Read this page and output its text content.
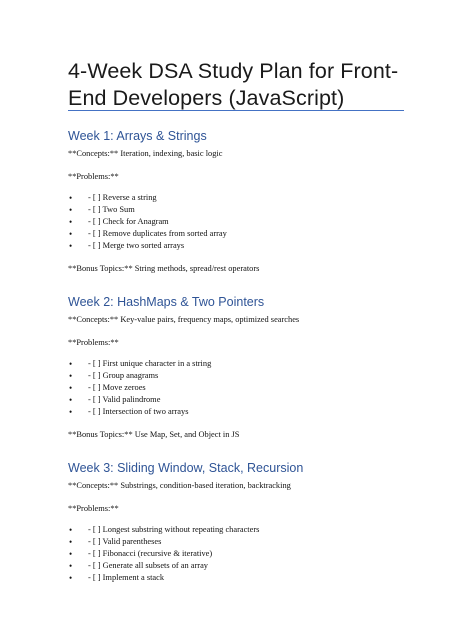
4-Week DSA Study Plan for Front-End Developers (JavaScript)
Week 1: Arrays & Strings

**Concepts:** Iteration, indexing, basic logic

**Problems:**

• - [ ] Reverse a string
• - [ ] Two Sum
• - [ ] Check for Anagram
• - [ ] Remove duplicates from sorted array
• - [ ] Merge two sorted arrays

**Bonus Topics:** String methods, spread/rest operators

Week 2: HashMaps & Two Pointers

**Concepts:** Key-value pairs, frequency maps, optimized searches

**Problems:**

• - [ ] First unique character in a string
• - [ ] Group anagrams
• - [ ] Move zeroes
• - [ ] Valid palindrome
• - [ ] Intersection of two arrays

**Bonus Topics:** Use Map, Set, and Object in JS

Week 3: Sliding Window, Stack, Recursion

**Concepts:** Substrings, condition-based iteration, backtracking

**Problems:**

• - [ ] Longest substring without repeating characters
• - [ ] Valid parentheses
• - [ ] Fibonacci (recursive & iterative)
• - [ ] Generate all subsets of an array
• - [ ] Implement a stack
